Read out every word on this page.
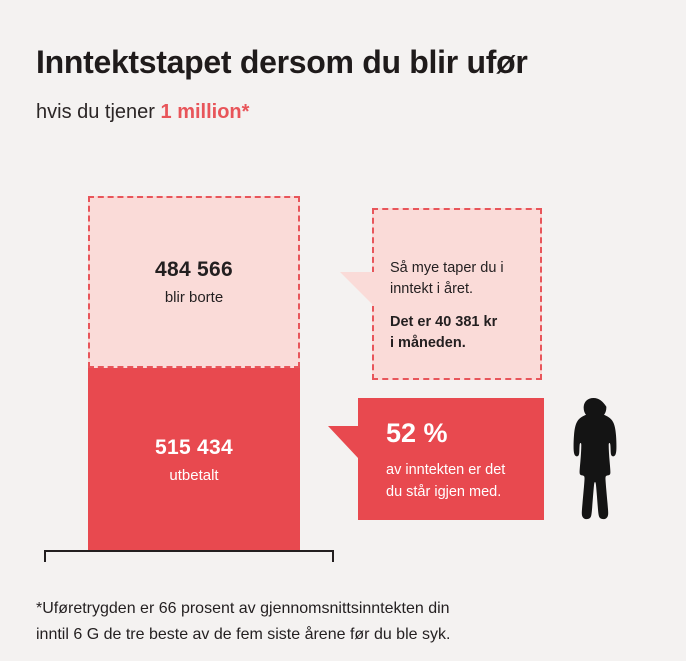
Inntektstapet dersom du blir ufør
hvis du tjener 1 million*
484 566
blir borte
515 434
utbetalt
Så mye taper du i
inntekt i året.
Det er 40 381 kr
i måneden.
52 %
av inntekten er det
du står igjen med.
*Uføretrygden er 66 prosent av gjennomsnittsinntekten din
inntil 6 G de tre beste av de fem siste årene før du ble syk.
